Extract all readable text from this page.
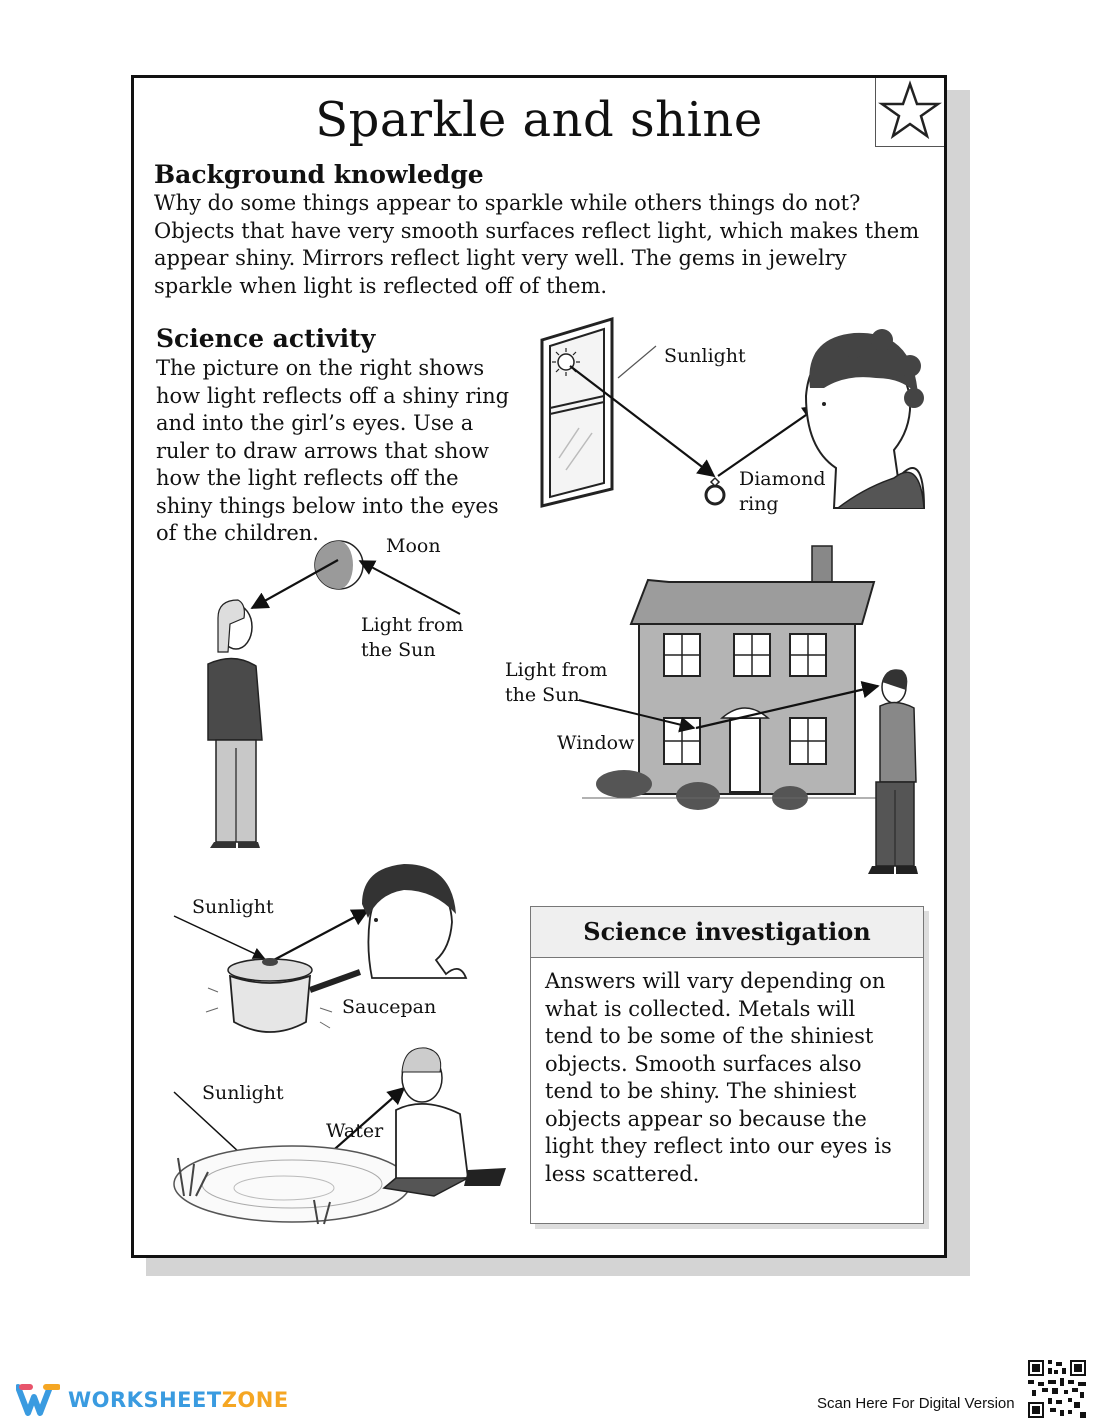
Sparkle and shine
Background knowledge

Why do some things appear to sparkle while others things do not? Objects that have very smooth surfaces reflect light, which makes them appear shiny. Mirrors reflect light very well. The gems in jewelry sparkle when light is reflected off of them.

Science activity

The picture on the right shows how light reflects off a shiny ring and into the girl’s eyes. Use a ruler to draw arrows that show how the light reflects off the shiny things below into the eyes of the children.

Sunlight
Diamond
ring
Moon
Light from
the Sun
Light from
the Sun
Window
Sunlight
Saucepan
Sunlight
Water
Science investigation
Answers will vary depending on what is collected. Metals will tend to be some of the shiniest objects. Smooth surfaces also tend to be shiny. The shiniest objects appear so because the light they reflect into our eyes is less scattered.
WORKSHEETZONE	Scan Here For Digital Version
